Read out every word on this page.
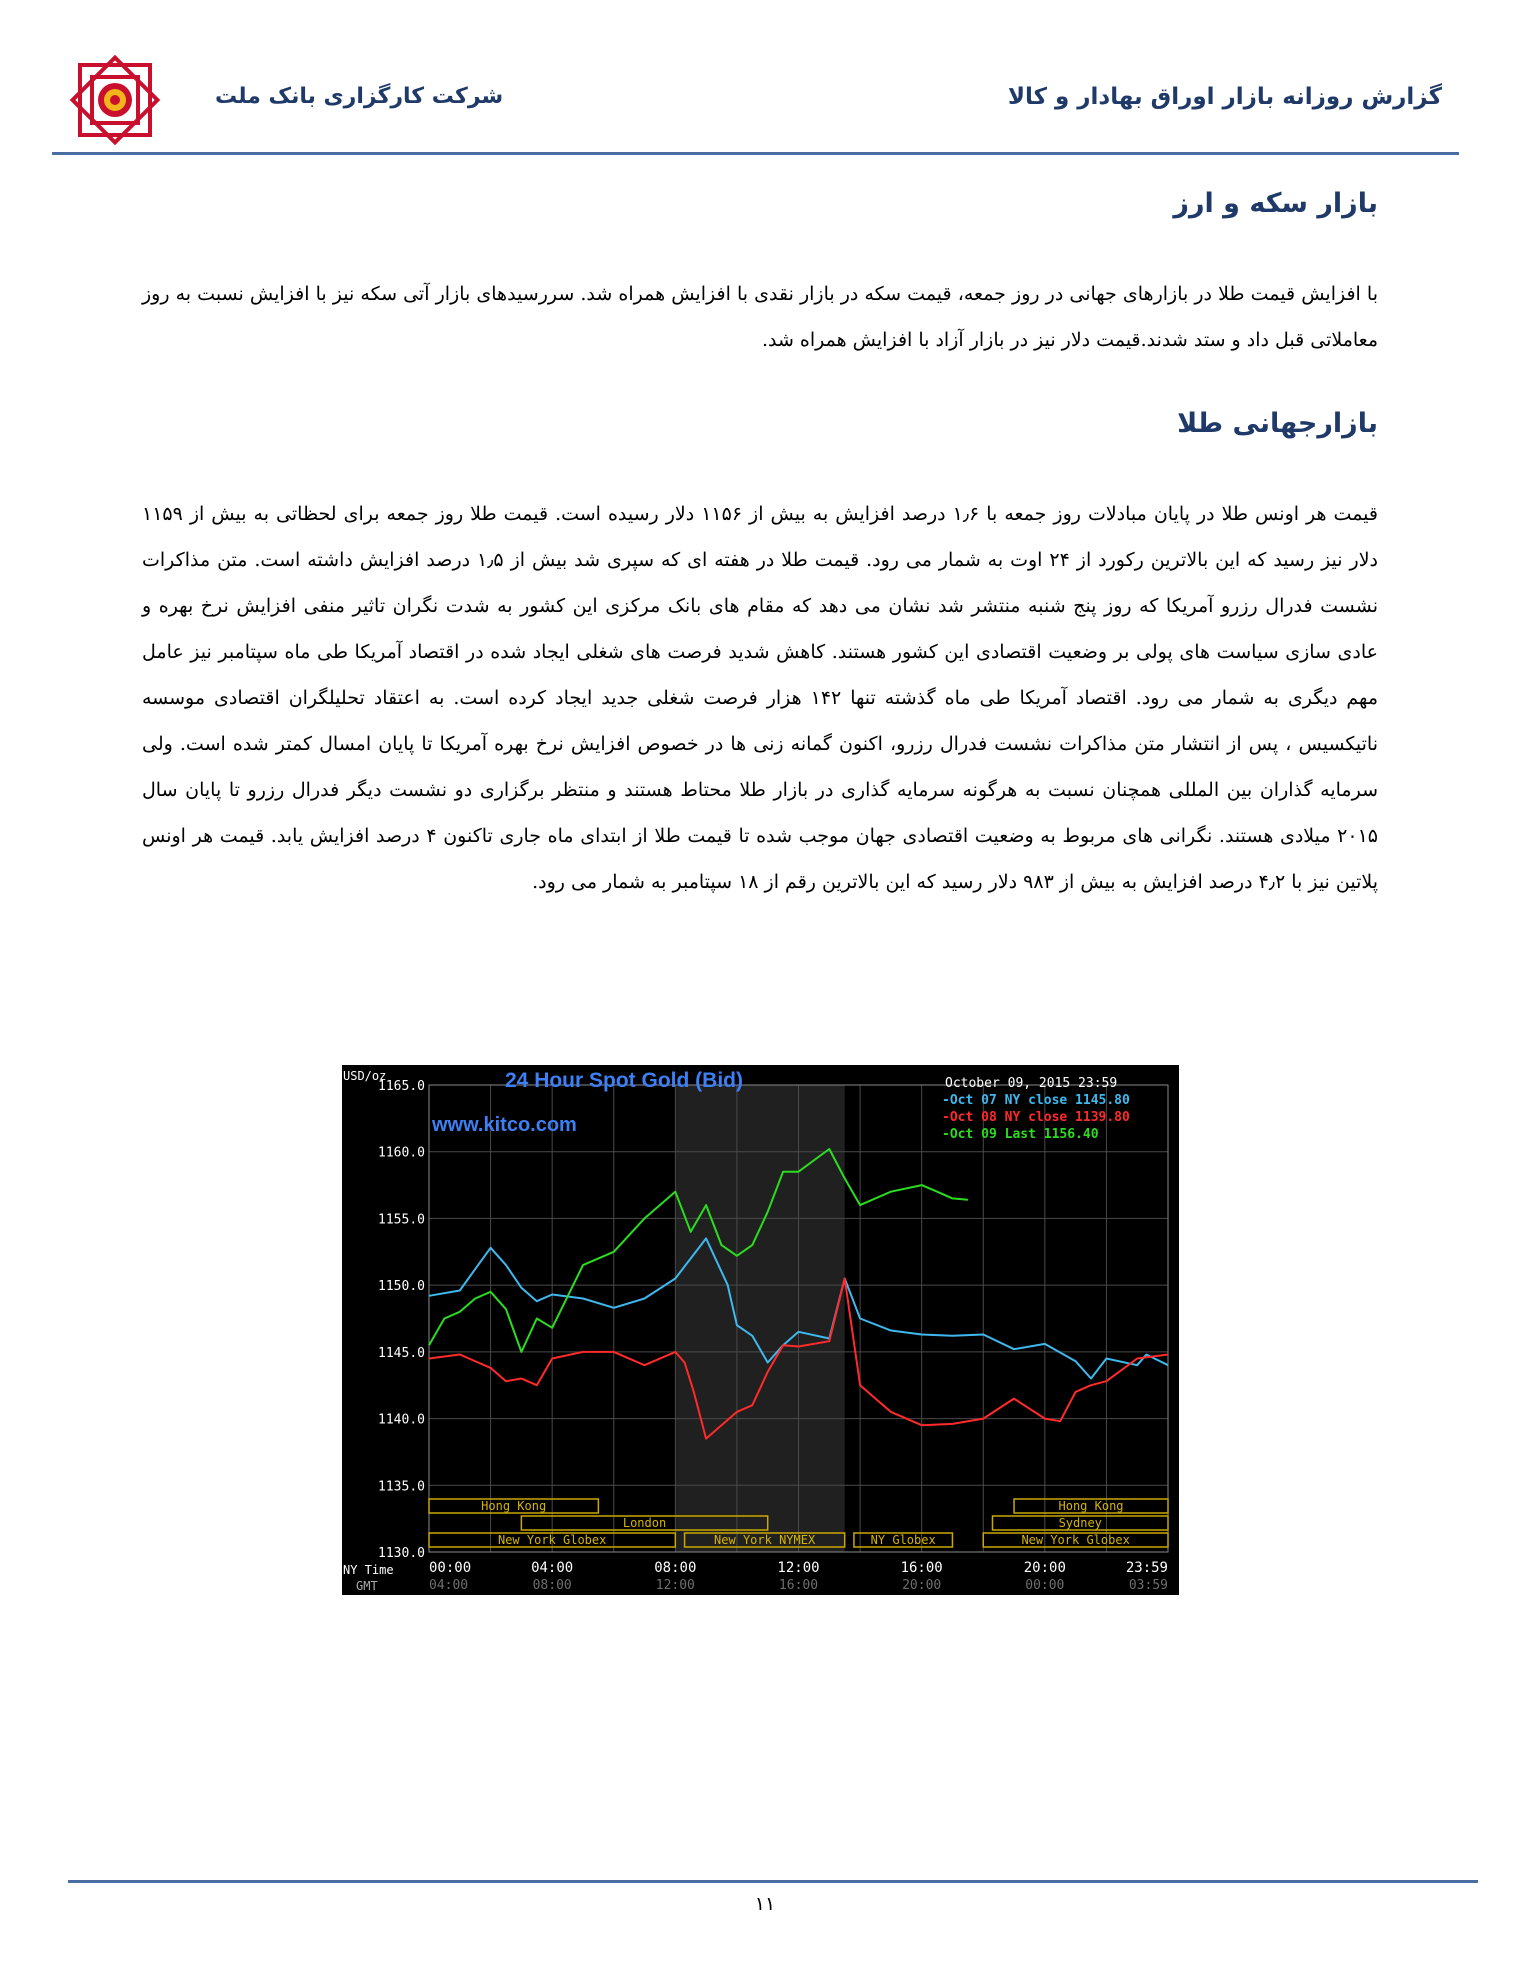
گزارش روزانه بازار اوراق بهادار و کالا
شرکت کارگزاری بانک ملت
بازار سکه و ارز

با افزایش قیمت طلا در بازارهای جهانی در روز جمعه، قیمت سکه در بازار نقدی با افزایش همراه شد. سررسیدهای بازار آتی سکه نیز با افزایش نسبت به روز معاملاتی قبل داد و ستد شدند.قیمت دلار نیز در بازار آزاد با افزایش همراه شد.

بازارجهانی طلا

قیمت هر اونس طلا در پایان مبادلات روز جمعه با ۱٫۶ درصد افزایش به بیش از ۱۱۵۶ دلار رسیده است. قیمت طلا روز جمعه برای لحظاتی به بیش از ۱۱۵۹ دلار نیز رسید که این بالاترین رکورد از ۲۴ اوت به شمار می رود. قیمت طلا در هفته ای که سپری شد بیش از ۱٫۵ درصد افزایش داشته است. متن مذاکرات نشست فدرال رزرو آمریکا که روز پنج شنبه منتشر شد نشان می دهد که مقام های بانک مرکزی این کشور به شدت نگران تاثیر منفی افزایش نرخ بهره و عادی سازی سیاست های پولی بر وضعیت اقتصادی این کشور هستند. کاهش شدید فرصت های شغلی ایجاد شده در اقتصاد آمریکا طی ماه سپتامبر نیز عامل مهم دیگری به شمار می رود. اقتصاد آمریکا طی ماه گذشته تنها ۱۴۲ هزار فرصت شغلی جدید ایجاد کرده است. به اعتقاد تحلیلگران اقتصادی موسسه ناتیکسیس ، پس از انتشار متن مذاکرات نشست فدرال رزرو، اکنون گمانه زنی ها در خصوص افزایش نرخ بهره آمریکا تا پایان امسال کمتر شده است. ولی سرمایه گذاران بین المللی همچنان نسبت به هرگونه سرمایه گذاری در بازار طلا محتاط هستند و منتظر برگزاری دو نشست دیگر فدرال رزرو تا پایان سال ۲۰۱۵ میلادی هستند. نگرانی های مربوط به وضعیت اقتصادی جهان موجب شده تا قیمت طلا از ابتدای ماه جاری تاکنون ۴ درصد افزایش یابد. قیمت هر اونس پلاتین نیز با ۴٫۲ درصد افزایش به بیش از ۹۸۳ دلار رسید که این بالاترین رقم از ۱۸ سپتامبر به شمار می رود.

1165.0
1160.0
1155.0
1150.0
1145.0
1140.0
1135.0
1130.0
Hong Kong
London
New York Globex	New York NYMEX	NY Globex
Hong Kong
Sydney
New York Globex
USD/oz	24 Hour Spot Gold (Bid)
www.kitco.com
October 09, 2015 23:59
-Oct 07 NY close 1145.80
-Oct 08 NY close 1139.80
-Oct 09 Last 1156.40
NY Time
GMT
00:00
04:00
04:00
08:00
08:00
12:00
12:00
16:00
16:00
20:00
20:00
00:00
23:59
03:59
۱۱
